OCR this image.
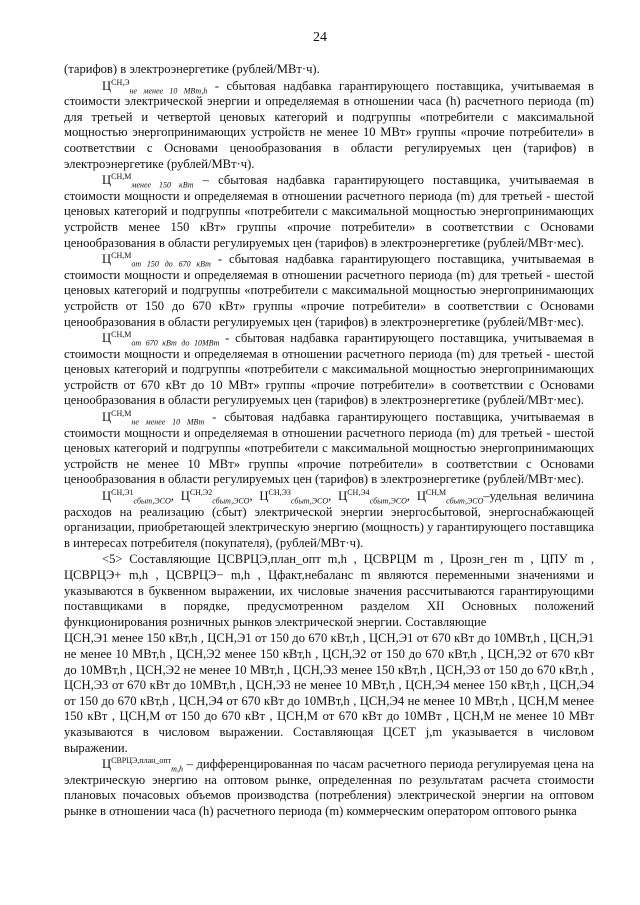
24

(тарифов) в электроэнергетике (рублей/МВт·ч).

$Ц^{СН,Э}_{не менее 10 МВт,h}$ - сбытовая надбавка гарантирующего поставщика, учитываемая в стоимости электрической энергии и определяемая в отношении часа (h) расчетного периода (m) для третьей и четвертой ценовых категорий и подгруппы «потребители с максимальной мощностью энергопринимающих устройств не менее 10 МВт» группы «прочие потребители» в соответствии с Основами ценообразования в области регулируемых цен (тарифов) в электроэнергетике (рублей/МВт·ч).

$Ц^{СН,М}_{менее 150 кВт}$ – сбытовая надбавка гарантирующего поставщика, учитываемая в стоимости мощности и определяемая в отношении расчетного периода (m) для третьей - шестой ценовых категорий и подгруппы «потребители с максимальной мощностью энергопринимающих устройств менее 150 кВт» группы «прочие потребители» в соответствии с Основами ценообразования в области регулируемых цен (тарифов) в электроэнергетике (рублей/МВт·мес).

$Ц^{СН,М}_{от 150 до 670 кВт}$ - сбытовая надбавка гарантирующего поставщика, учитываемая в стоимости мощности и определяемая в отношении расчетного периода (m) для третьей - шестой ценовых категорий и подгруппы «потребители с максимальной мощностью энергопринимающих устройств от 150 до 670 кВт» группы «прочие потребители» в соответствии с Основами ценообразования в области регулируемых цен (тарифов) в электроэнергетике (рублей/МВт·мес).

$Ц^{СН,М}_{от 670 кВт до 10МВт}$ - сбытовая надбавка гарантирующего поставщика, учитываемая в стоимости мощности и определяемая в отношении расчетного периода (m) для третьей - шестой ценовых категорий и подгруппы «потребители с максимальной мощностью энергопринимающих устройств от 670 кВт до 10 МВт» группы «прочие потребители» в соответствии с Основами ценообразования в области регулируемых цен (тарифов) в электроэнергетике (рублей/МВт·мес).

$Ц^{СН,М}_{не менее 10 МВт}$ - сбытовая надбавка гарантирующего поставщика, учитываемая в стоимости мощности и определяемая в отношении расчетного периода (m) для третьей - шестой ценовых категорий и подгруппы «потребители с максимальной мощностью энергопринимающих устройств не менее 10 МВт» группы «прочие потребители» в соответствии с Основами ценообразования в области регулируемых цен (тарифов) в электроэнергетике (рублей/МВт·мес).

$Ц^{СН,Э1}_{сбыт,ЭСО}$, $Ц^{СН,Э2}_{сбыт,ЭСО}$, $Ц^{СН,Э3}_{сбыт,ЭСО}$, $Ц^{СН,Э4}_{сбыт,ЭСО}$, $Ц^{СН,М}_{сбыт,ЭСО}$–удельная величина расходов на реализацию (сбыт) электрической энергии энергосбытовой, энергоснабжающей организации, приобретающей электрическую энергию (мощность) у гарантирующего поставщика в интересах потребителя (покупателя), (рублей/МВт·ч).

<5> Составляющие ЦСВРЦЭ,план_опт m,h , ЦСВРЦМ m , Црозн_ген m , ЦПУ m , ЦСВРЦЭ+ m,h , ЦСВРЦЭ− m,h , Цфакт,небаланс m являются переменными значениями и указываются в буквенном выражении, их числовые значения рассчитываются гарантирующими поставщиками в порядке, предусмотренном разделом XII Основных положений функционирования розничных рынков электрической энергии. Составляющие

ЦСН,Э1 менее 150 кВт,h , ЦСН,Э1 от 150 до 670 кВт,h , ЦСН,Э1 от 670 кВт до 10МВт,h , ЦСН,Э1 не менее 10 МВт,h , ЦСН,Э2 менее 150 кВт,h , ЦСН,Э2 от 150 до 670 кВт,h , ЦСН,Э2 от 670 кВт до 10МВт,h , ЦСН,Э2 не менее 10 МВт,h , ЦСН,Э3 менее 150 кВт,h , ЦСН,Э3 от 150 до 670 кВт,h , ЦСН,Э3 от 670 кВт до 10МВт,h , ЦСН,Э3 не менее 10 МВт,h , ЦСН,Э4 менее 150 кВт,h , ЦСН,Э4 от 150 до 670 кВт,h , ЦСН,Э4 от 670 кВт до 10МВт,h , ЦСН,Э4 не менее 10 МВт,h , ЦСН,М менее 150 кВт , ЦСН,М от 150 до 670 кВт , ЦСН,М от 670 кВт до 10МВт , ЦСН,М не менее 10 МВт указываются в числовом выражении. Составляющая ЦСЕТ j,m указывается в числовом выражении.

$Ц^{СВРЦЭ,план\_опт}_{m,h}$ – дифференцированная по часам расчетного периода регулируемая цена на электрическую энергию на оптовом рынке, определенная по результатам расчета стоимости плановых почасовых объемов производства (потребления) электрической энергии на оптовом рынке в отношении часа (h) расчетного периода (m) коммерческим оператором оптового рынка
